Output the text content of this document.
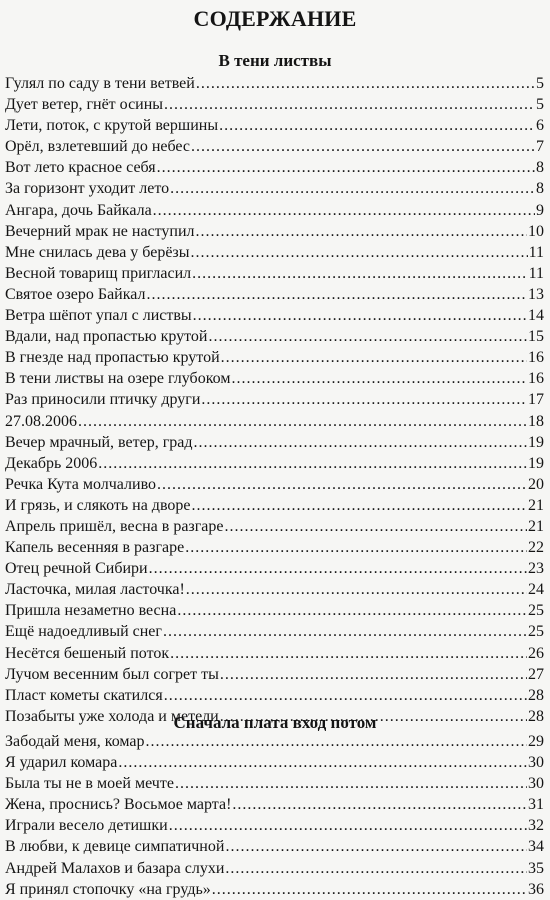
СОДЕРЖАНИЕ
В тени листвы
Гулял по саду в тени ветвей .....	5
Дует ветер, гнёт осины .....	5
Лети, поток, с крутой вершины .....	6
Орёл, взлетевший до небес .....	7
Вот лето красное себя .....	8
За горизонт уходит лето .....	8
Ангара, дочь Байкала .....	9
Вечерний мрак не наступил .....	10
Мне снилась дева у берёзы .....	11
Весной товарищ пригласил .....	11
Святое озеро Байкал .....	13
Ветра шёпот упал с листвы .....	14
Вдали, над пропастью крутой .....	15
В гнезде над пропастью крутой .....	16
В тени листвы на озере глубоком .....	16
Раз приносили птичку други .....	17
27.08.2006 .....	18
Вечер мрачный, ветер, град .....	19
Декабрь 2006 .....	19
Речка Кута молчаливо .....	20
И грязь, и слякоть на дворе .....	21
Апрель пришёл, весна в разгаре .....	21
Капель весенняя в разгаре .....	22
Отец речной Сибири .....	23
Ласточка, милая ласточка! .....	24
Пришла незаметно весна .....	25
Ещё надоедливый снег .....	25
Несётся бешеный поток .....	26
Лучом весенним был согрет ты .....	27
Пласт кометы скатился .....	28
Позабыты уже холода и метели .....	28
Сначала плата вход потом
Забодай меня, комар .....	29
Я ударил комара .....	30
Была ты не в моей мечте .....	30
Жена, проснись? Восьмое марта! .....	31
Играли весело детишки .....	32
В любви, к девице симпатичной .....	34
Андрей Малахов и базара слухи .....	35
Я принял стопочку «на грудь» .....	36
